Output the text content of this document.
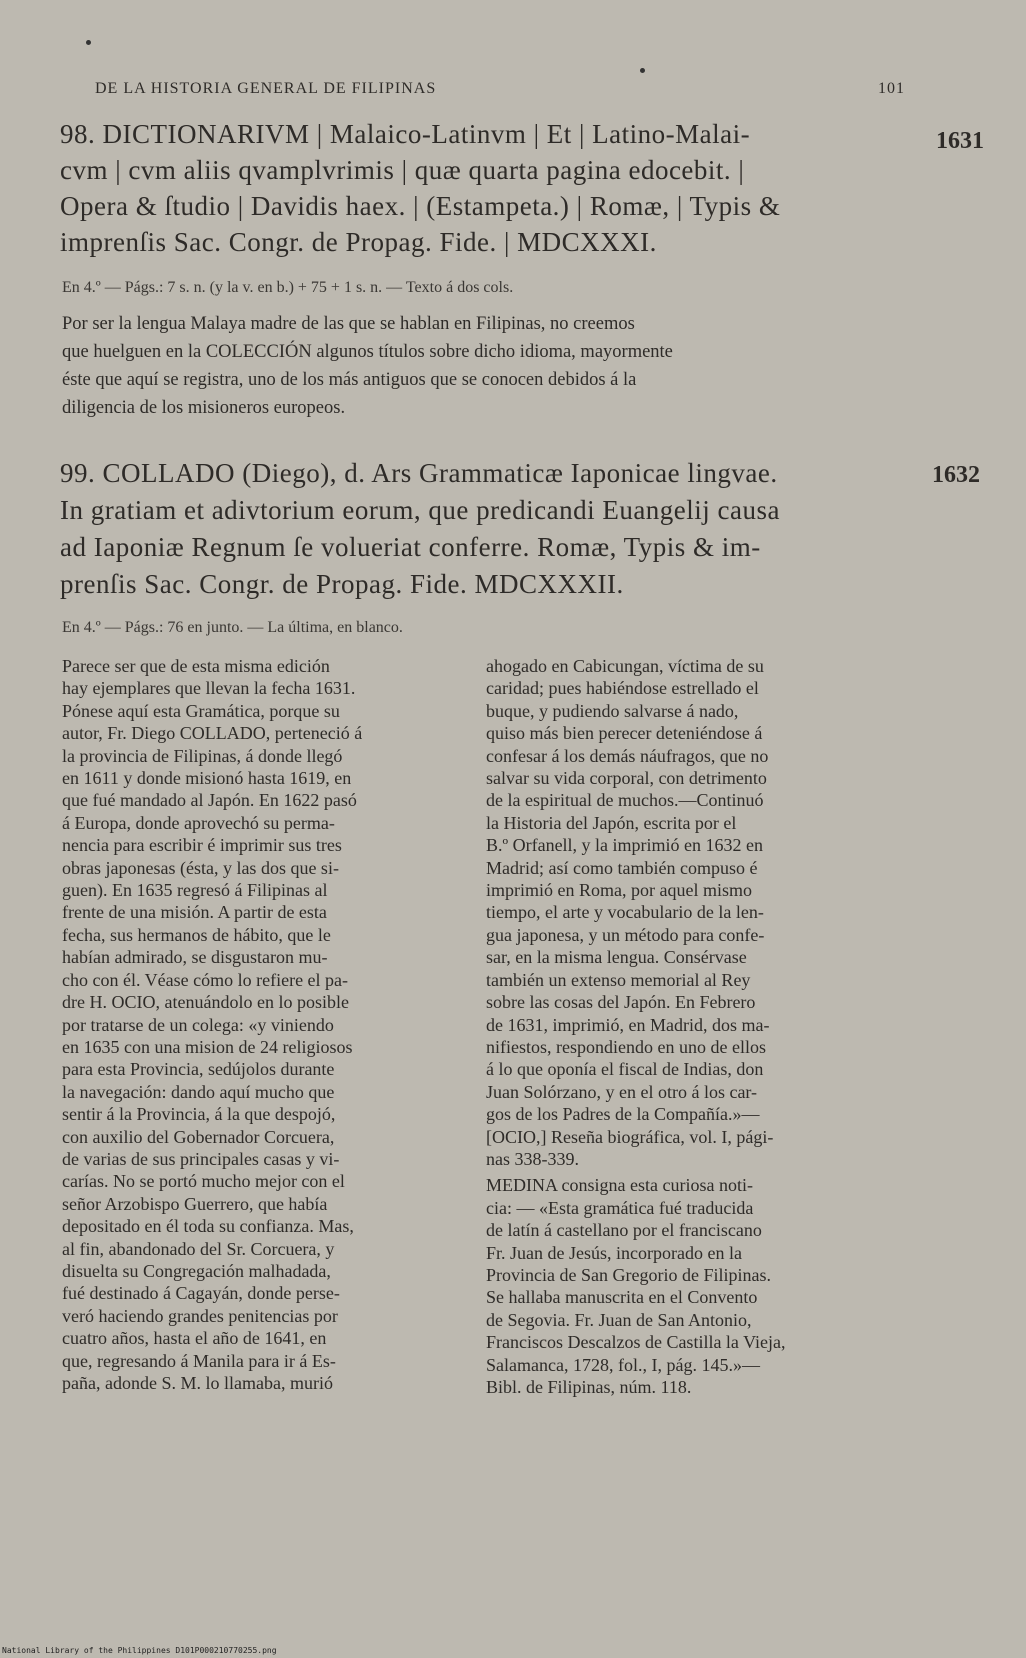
DE LA HISTORIA GENERAL DE FILIPINAS	101
1631
98. DICTIONARIVM | Malaico-Latinvm | Et | Latino-Malai-
cvm | cvm aliis qvamplvrimis | quæ quarta pagina edocebit. |
Opera & ſtudio | Davidis haex. | (Estampeta.) | Romæ, | Typis &
imprenſis Sac. Congr. de Propag. Fide. | MDCXXXI.
En 4.º — Págs.: 7 s. n. (y la v. en b.) + 75 + 1 s. n. — Texto á dos cols.
Por ser la lengua Malaya madre de las que se hablan en Filipinas, no creemos
que huelguen en la COLECCIÓN algunos títulos sobre dicho idioma, mayormente
éste que aquí se registra, uno de los más antiguos que se conocen debidos á la
diligencia de los misioneros europeos.
1632
99. COLLADO (Diego), d. Ars Grammaticæ Iaponicae lingvae.
In gratiam et adivtorium eorum, que predicandi Euangelij causa
ad Iaponiæ Regnum ſe volueriat conferre. Romæ, Typis & im-
prenſis Sac. Congr. de Propag. Fide. MDCXXXII.
En 4.º — Págs.: 76 en junto. — La última, en blanco.
Parece ser que de esta misma edición
hay ejemplares que llevan la fecha 1631.
Pónese aquí esta Gramática, porque su
autor, Fr. Diego COLLADO, perteneció á
la provincia de Filipinas, á donde llegó
en 1611 y donde misionó hasta 1619, en
que fué mandado al Japón. En 1622 pasó
á Europa, donde aprovechó su perma-
nencia para escribir é imprimir sus tres
obras japonesas (ésta, y las dos que si-
guen). En 1635 regresó á Filipinas al
frente de una misión. A partir de esta
fecha, sus hermanos de hábito, que le
habían admirado, se disgustaron mu-
cho con él. Véase cómo lo refiere el pa-
dre H. OCIO, atenuándolo en lo posible
por tratarse de un colega: «y viniendo
en 1635 con una mision de 24 religiosos
para esta Provincia, sedújolos durante
la navegación: dando aquí mucho que
sentir á la Provincia, á la que despojó,
con auxilio del Gobernador Corcuera,
de varias de sus principales casas y vi-
carías. No se portó mucho mejor con el
señor Arzobispo Guerrero, que había
depositado en él toda su confianza. Mas,
al fin, abandonado del Sr. Corcuera, y
disuelta su Congregación malhadada,
fué destinado á Cagayán, donde perse-
veró haciendo grandes penitencias por
cuatro años, hasta el año de 1641, en
que, regresando á Manila para ir á Es-
paña, adonde S. M. lo llamaba, murió
ahogado en Cabicungan, víctima de su
caridad; pues habiéndose estrellado el
buque, y pudiendo salvarse á nado,
quiso más bien perecer deteniéndose á
confesar á los demás náufragos, que no
salvar su vida corporal, con detrimento
de la espiritual de muchos.—Continuó
la Historia del Japón, escrita por el
B.º Orfanell, y la imprimió en 1632 en
Madrid; así como también compuso é
imprimió en Roma, por aquel mismo
tiempo, el arte y vocabulario de la len-
gua japonesa, y un método para confe-
sar, en la misma lengua. Consérvase
también un extenso memorial al Rey
sobre las cosas del Japón. En Febrero
de 1631, imprimió, en Madrid, dos ma-
nifiestos, respondiendo en uno de ellos
á lo que oponía el fiscal de Indias, don
Juan Solórzano, y en el otro á los car-
gos de los Padres de la Compañía.»—
[OCIO,] Reseña biográfica, vol. I, pági-
nas 338-339.
MEDINA consigna esta curiosa noti-
cia: — «Esta gramática fué traducida
de latín á castellano por el franciscano
Fr. Juan de Jesús, incorporado en la
Provincia de San Gregorio de Filipinas.
Se hallaba manuscrita en el Convento
de Segovia. Fr. Juan de San Antonio,
Franciscos Descalzos de Castilla la Vieja,
Salamanca, 1728, fol., I, pág. 145.»—
Bibl. de Filipinas, núm. 118.
National Library of the Philippines D101P000210770255.png
